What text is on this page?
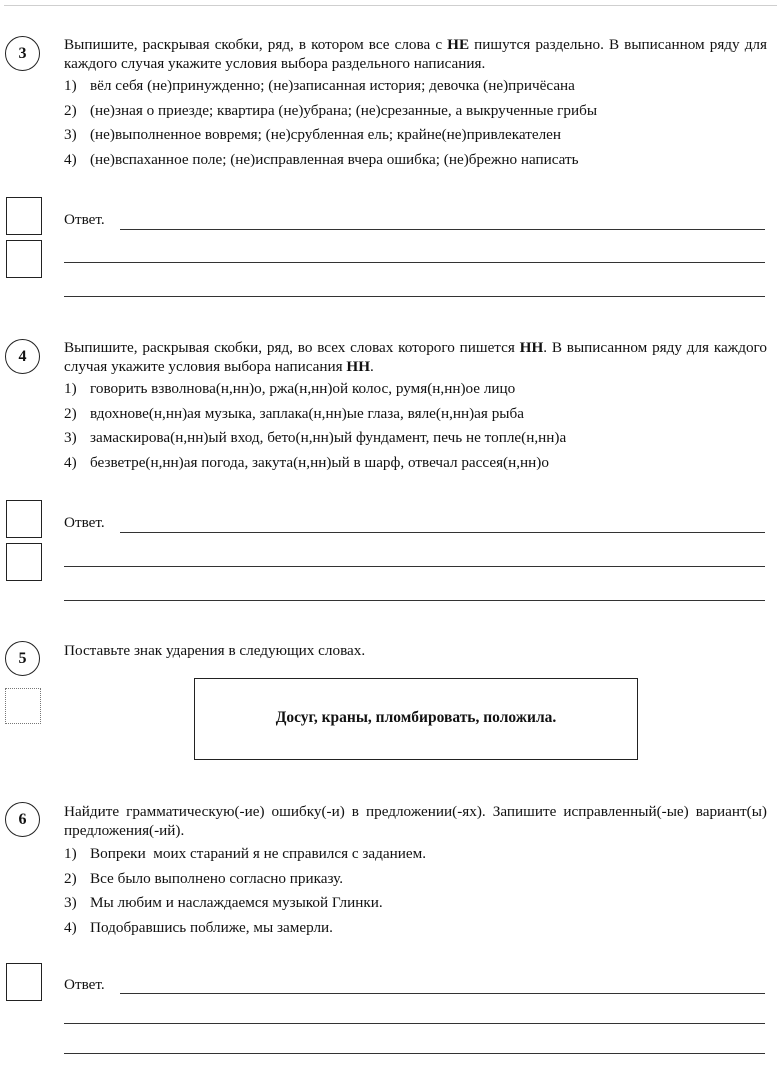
3
Выпишите, раскрывая скобки, ряд, в котором все слова с НЕ пишутся раздельно. В выписанном ряду для каждого случая укажите условия выбора раздельного написания.
1) вёл себя (не)принужденно; (не)записанная история; девочка (не)причёсана
2) (не)зная о приезде; квартира (не)убрана; (не)срезанные, а выкрученные грибы
3) (не)выполненное вовремя; (не)срубленная ель; крайне(не)привлекателен
4) (не)вспаханное поле; (не)исправленная вчера ошибка; (не)брежно написать
Ответ.
4
Выпишите, раскрывая скобки, ряд, во всех словах которого пишется НН. В выписанном ряду для каждого случая укажите условия выбора написания НН.
1) говорить взволнова(н,нн)о, ржа(н,нн)ой колос, румя(н,нн)ое лицо
2) вдохнове(н,нн)ая музыка, заплака(н,нн)ые глаза, вяле(н,нн)ая рыба
3) замаскирова(н,нн)ый вход, бето(н,нн)ый фундамент, печь не топле(н,нн)а
4) безветре(н,нн)ая погода, закута(н,нн)ый в шарф, отвечал рассея(н,нн)о
Ответ.
5	Поставьте знак ударения в следующих словах.
Досуг, краны, пломбировать, положила.
6	Найдите грамматическую(-ие) ошибку(-и) в предложении(-ях). Запишите исправленный(-ые) вариант(ы) предложения(-ий).
1) Вопреки  моих стараний я не справился с заданием.
2) Все было выполнено согласно приказу.
3) Мы любим и наслаждаемся музыкой Глинки.
4) Подобравшись поближе, мы замерли.
Ответ.
